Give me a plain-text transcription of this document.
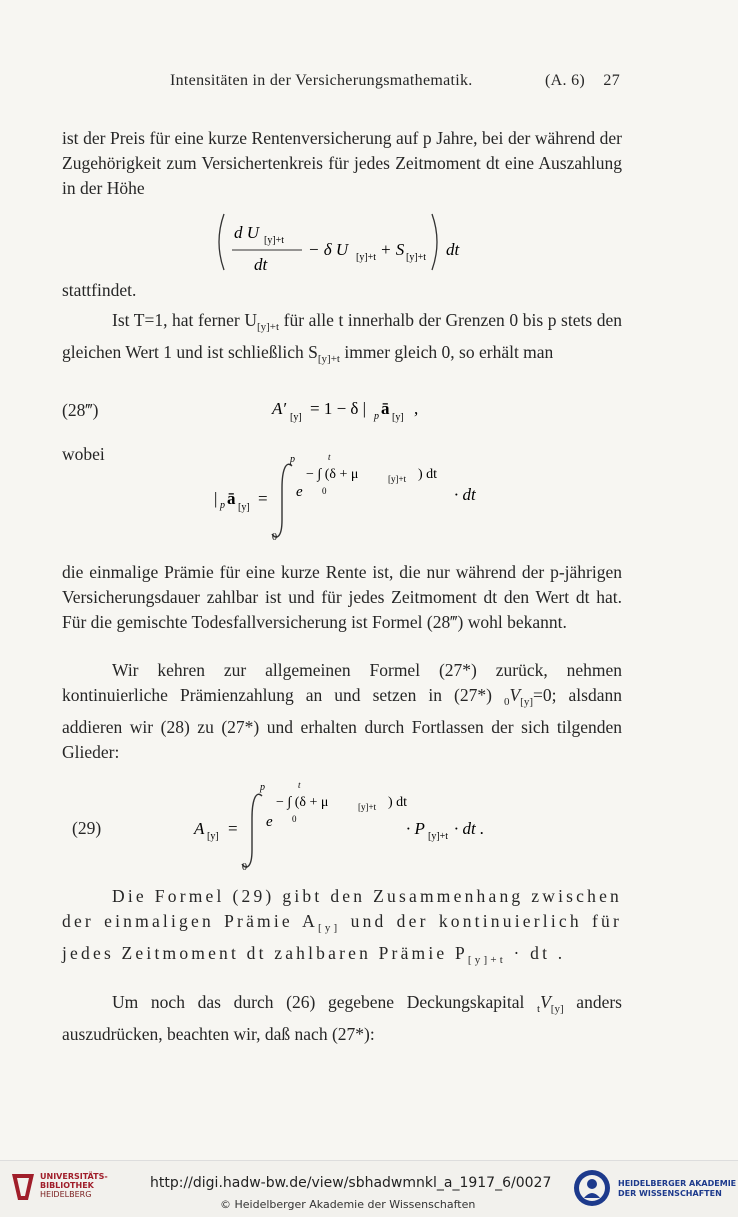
Intensitäten in der Versicherungsmathematik.	(A. 6) 27

ist der Preis für eine kurze Rentenversicherung auf p Jahre, bei der während der Zugehörigkeit zum Versichertenkreis für jedes Zeitmoment dt eine Auszahlung in der Höhe

d U [y]+t
dt
− δ U [y]+t + S [y]+t dt

stattfindet.

Ist T=1, hat ferner $U_{[y]+t}$ für alle t innerhalb der Grenzen 0 bis p stets den gleichen Wert 1 und ist schließlich $S_{[y]+t}$ immer gleich 0, so erhält man

(28‴)	A′ [y] = 1 − δ | p ā [y] ,

wobei

| p ā [y] =
p
0
e
t
− ∫ (δ + μ	[y]+t ) dt
0	· dt

die einmalige Prämie für eine kurze Rente ist, die nur während der p-jährigen Versicherungsdauer zahlbar ist und für jedes Zeitmoment dt den Wert dt hat. Für die gemischte Todesfallversicherung ist Formel (28‴) wohl bekannt.

Wir kehren zur allgemeinen Formel (27*) zurück, nehmen kontinuierliche Prämienzahlung an und setzen in (27*) $_0V_{[y]}=0$; alsdann addieren wir (28) zu (27*) und erhalten durch Fortlassen der sich tilgenden Glieder:

(29)	A [y] =
p
0
e
t
− ∫ (δ + μ	[y]+t ) dt
0	· P [y]+t · dt .

Die Formel (29) gibt den Zusammenhang zwischen der einmaligen Prämie $A_{[y]}$ und der kontinuierlich für jedes Zeitmoment dt zahlbaren Prämie $P_{[y]+t}$ · dt .

Um noch das durch (26) gegebene Deckungskapital $_tV_{[y]}$ anders auszudrücken, beachten wir, daß nach (27*):

UNIVERSITÄTS-
BIBLIOTHEK
HEIDELBERG
http://digi.hadw-bw.de/view/sbhadwmnkl_a_1917_6/0027
© Heidelberger Akademie der Wissenschaften
HEIDELBERGER AKADEMIE
DER WISSENSCHAFTEN
